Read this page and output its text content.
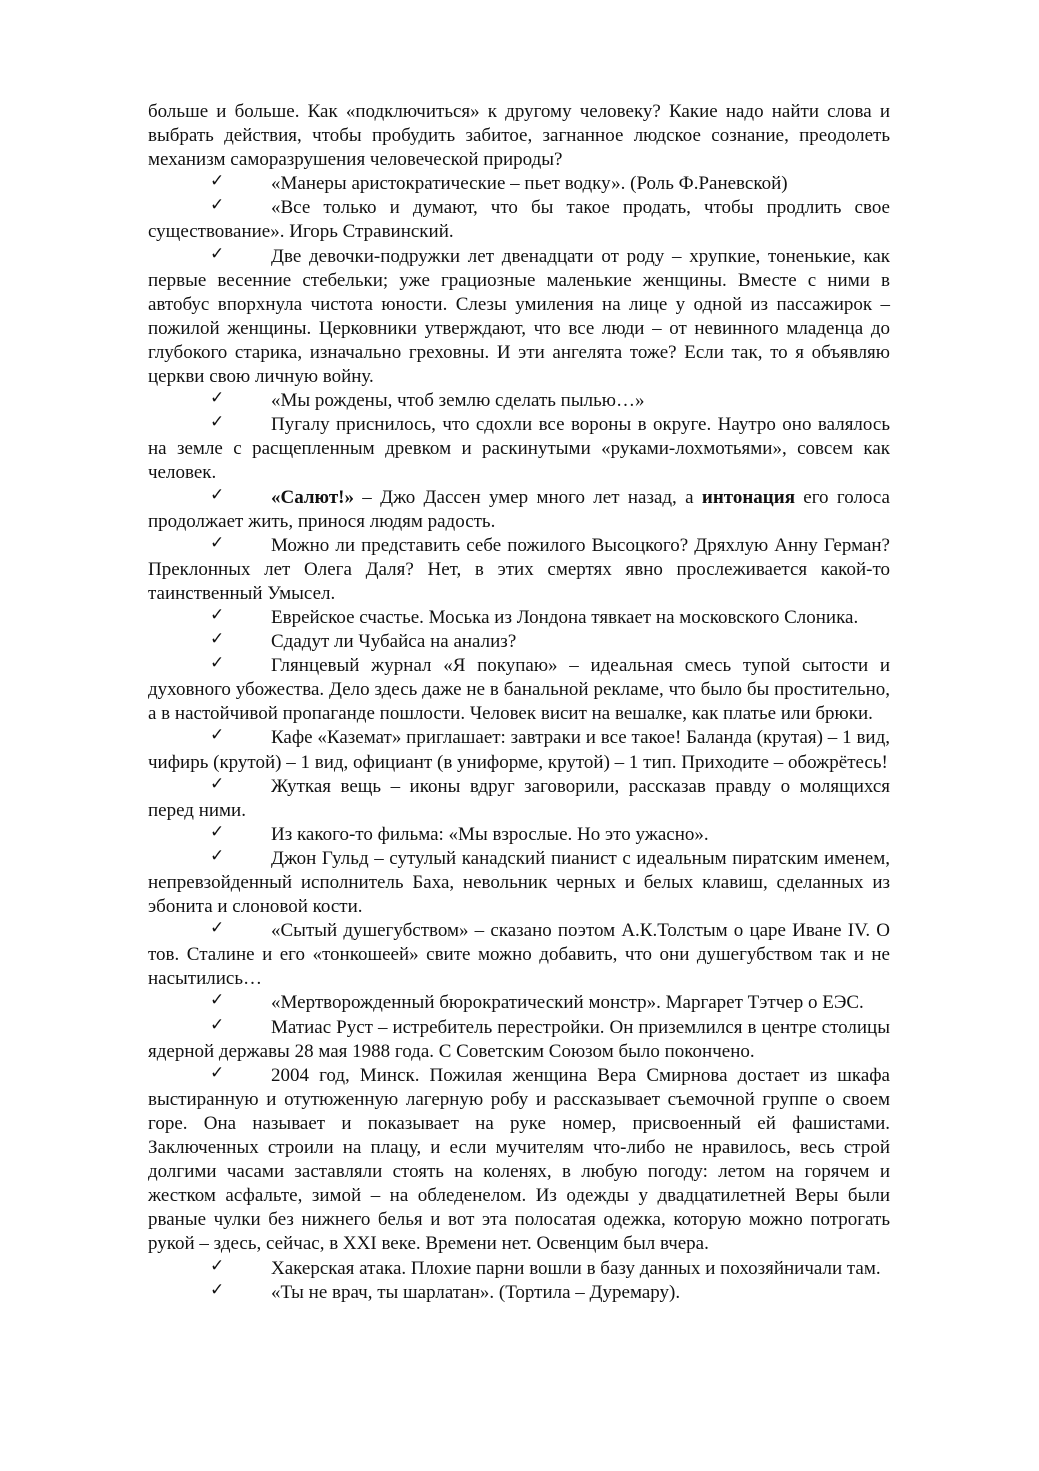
больше и больше. Как «подключиться» к другому человеку? Какие надо найти слова и выбрать действия, чтобы пробудить забитое, загнанное людское сознание, преодолеть механизм саморазрушения человеческой природы?

✓ «Манеры аристократические – пьет водку». (Роль Ф.Раневской)

✓ «Все только и думают, что бы такое продать, чтобы продлить свое существование». Игорь Стравинский.

✓ Две девочки-подружки лет двенадцати от роду – хрупкие, тоненькие, как первые весенние стебельки; уже грациозные маленькие женщины. Вместе с ними в автобус впорхнула чистота юности. Слезы умиления на лице у одной из пассажирок – пожилой женщины. Церковники утверждают, что все люди – от невинного младенца до глубокого старика, изначально греховны. И эти ангелята тоже? Если так, то я объявляю церкви свою личную войну.

✓ «Мы рождены, чтоб землю сделать пылью…»

✓ Пугалу приснилось, что сдохли все вороны в округе. Наутро оно валялось на земле с расщепленным древком и раскинутыми «руками-лохмотьями», совсем как человек.

✓ «Салют!» – Джо Дассен умер много лет назад, а интонация его голоса продолжает жить, принося людям радость.

✓ Можно ли представить себе пожилого Высоцкого? Дряхлую Анну Герман? Преклонных лет Олега Даля? Нет, в этих смертях явно прослеживается какой-то таинственный Умысел.

✓ Еврейское счастье. Моська из Лондона тявкает на московского Слоника.

✓ Сдадут ли Чубайса на анализ?

✓ Глянцевый журнал «Я покупаю» – идеальная смесь тупой сытости и духовного убожества. Дело здесь даже не в банальной рекламе, что было бы простительно, а в настойчивой пропаганде пошлости. Человек висит на вешалке, как платье или брюки.

✓ Кафе «Каземат» приглашает: завтраки и все такое! Баланда (крутая) – 1 вид, чифирь (крутой) – 1 вид, официант (в униформе, крутой) – 1 тип. Приходите – обожрётесь!

✓ Жуткая вещь – иконы вдруг заговорили, рассказав правду о молящихся перед ними.

✓ Из какого-то фильма: «Мы взрослые. Но это ужасно».

✓ Джон Гульд – сутулый канадский пианист с идеальным пиратским именем, непревзойденный исполнитель Баха, невольник черных и белых клавиш, сделанных из эбонита и слоновой кости.

✓ «Сытый душегубством» – сказано поэтом А.К.Толстым о царе Иване IV. О тов. Сталине и его «тонкошеей» свите можно добавить, что они душегубством так и не насытились…

✓ «Мертворожденный бюрократический монстр». Маргарет Тэтчер о ЕЭС.

✓ Матиас Руст – истребитель перестройки. Он приземлился в центре столицы ядерной державы 28 мая 1988 года. С Советским Союзом было покончено.

✓ 2004 год, Минск. Пожилая женщина Вера Смирнова достает из шкафа выстиранную и отутюженную лагерную робу и рассказывает съемочной группе о своем горе. Она называет и показывает на руке номер, присвоенный ей фашистами. Заключенных строили на плацу, и если мучителям что-либо не нравилось, весь строй долгими часами заставляли стоять на коленях, в любую погоду: летом на горячем и жестком асфальте, зимой – на обледенелом. Из одежды у двадцатилетней Веры были рваные чулки без нижнего белья и вот эта полосатая одежка, которую можно потрогать рукой – здесь, сейчас, в XXI веке. Времени нет. Освенцим был вчера.

✓ Хакерская атака. Плохие парни вошли в базу данных и похозяйничали там.

✓ «Ты не врач, ты шарлатан». (Тортила – Дуремару).
